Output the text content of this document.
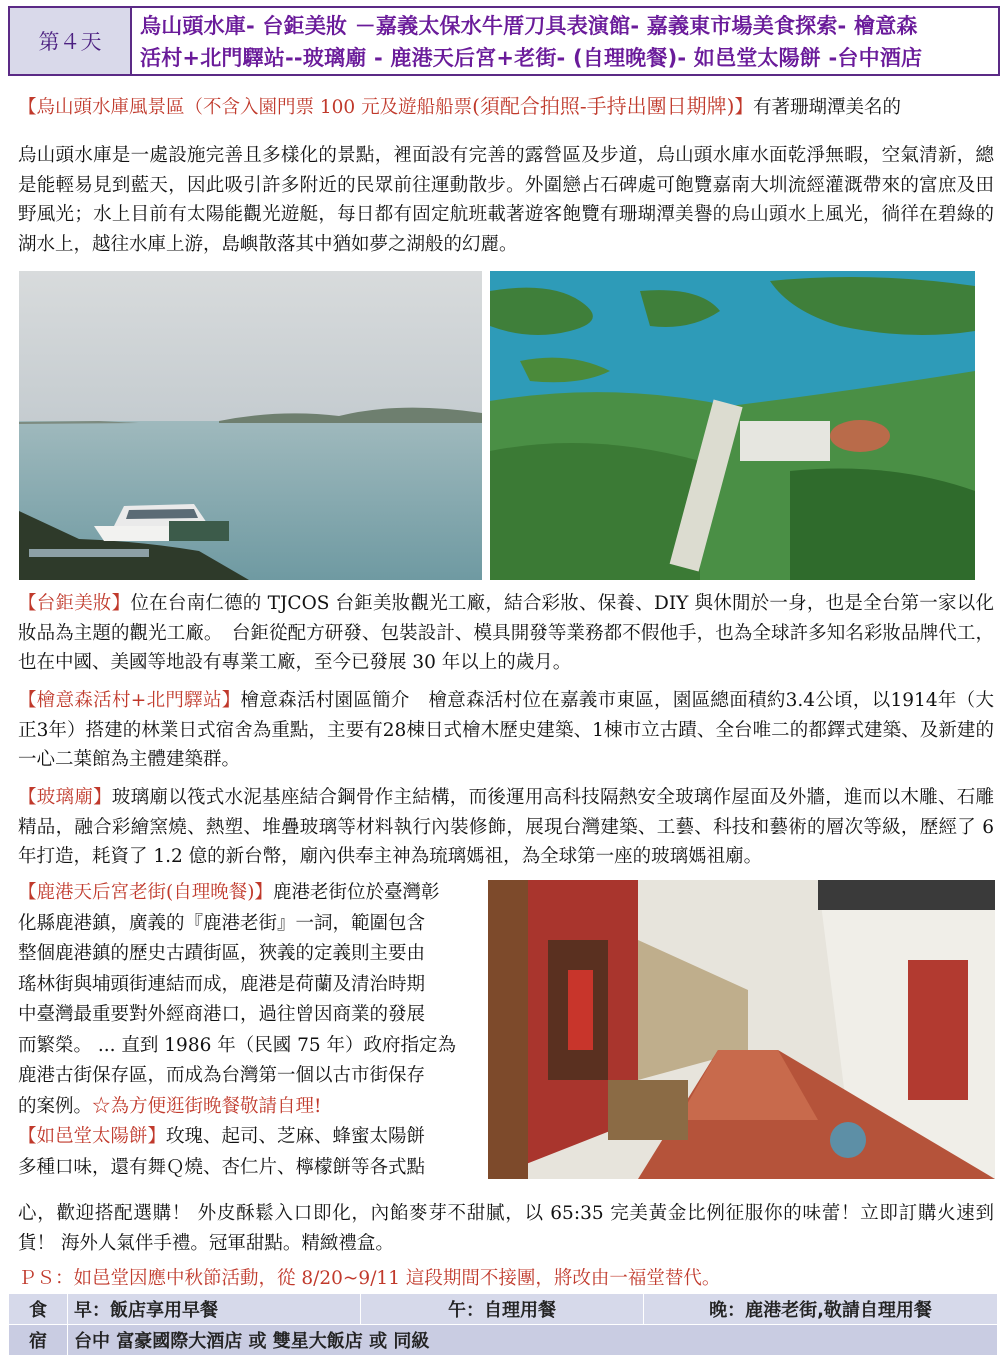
第４天
烏山頭水庫- 台鉅美妝 －嘉義太保水牛厝刀具表演館- 嘉義東市場美食探索- 檜意森
活村+北門驛站--玻璃廟 - 鹿港天后宮+老街- (自理晚餐)- 如邑堂太陽餅 -台中酒店
【烏山頭水庫風景區（不含入園門票 100 元及遊船船票(須配合拍照-手持出團日期牌)】有著珊瑚潭美名的
烏山頭水庫是一處設施完善且多樣化的景點，裡面設有完善的露營區及步道，烏山頭水庫水面乾淨無暇，空氣清新，總是能輕易見到藍天，因此吸引許多附近的民眾前往運動散步。外圍戀占石碑處可飽覽嘉南大圳流經灌溉帶來的富庶及田野風光；水上目前有太陽能觀光遊艇，每日都有固定航班載著遊客飽覽有珊瑚潭美譽的烏山頭水上風光，徜徉在碧綠的湖水上，越往水庫上游，島嶼散落其中猶如夢之湖般的幻麗。
【台鉅美妝】位在台南仁德的 TJCOS 台鉅美妝觀光工廠，結合彩妝、保養、DIY 與休閒於一身，也是全台第一家以化妝品為主題的觀光工廠。　台鉅從配方研發、包裝設計、模具開發等業務都不假他手，也為全球許多知名彩妝品牌代工，也在中國、美國等地設有專業工廠，至今已發展 30 年以上的歲月。
【檜意森活村+北門驛站】檜意森活村園區簡介　檜意森活村位在嘉義市東區，園區總面積約3.4公頃，以1914年（大正3年）搭建的林業日式宿舍為重點，主要有28棟日式檜木歷史建築、1棟市立古蹟、全台唯二的都鐸式建築、及新建的一心二葉館為主體建築群。
【玻璃廟】玻璃廟以筏式水泥基座結合鋼骨作主結構，而後運用高科技隔熱安全玻璃作屋面及外牆，進而以木雕、石雕精品，融合彩繪窯燒、熱塑、堆疊玻璃等材料執行內裝修飾，展現台灣建築、工藝、科技和藝術的層次等級，歷經了 6 年打造，耗資了 1.2 億的新台幣，廟內供奉主神為琉璃媽祖，為全球第一座的玻璃媽祖廟。
【鹿港天后宮老街(自理晚餐)】鹿港老街位於臺灣彰
化縣鹿港鎮，廣義的『鹿港老街』一詞，範圍包含
整個鹿港鎮的歷史古蹟街區，狹義的定義則主要由
瑤林街與埔頭街連結而成，鹿港是荷蘭及清治時期
中臺灣最重要對外經商港口，過往曾因商業的發展
而繁榮。 ... 直到 1986 年（民國 75 年）政府指定為
鹿港古街保存區，而成為台灣第一個以古市街保存
的案例。☆為方便逛街晚餐敬請自理!
【如邑堂太陽餅】玫瑰、起司、芝麻、蜂蜜太陽餅
多種口味，還有舞Ｑ燒、杏仁片、檸檬餅等各式點
心，歡迎搭配選購！ 外皮酥鬆入口即化，內餡麥芽不甜膩，以 65:35 完美黃金比例征服你的味蕾！立即訂購火速到貨！ 海外人氣伴手禮。冠軍甜點。精緻禮盒。
ＰＳ：如邑堂因應中秋節活動，從 8/20~9/11 這段期間不接團，將改由一福堂替代。
食	早：飯店享用早餐	午：自理用餐	晚：鹿港老街,敬請自理用餐
宿	台中 富豪國際大酒店 或 雙星大飯店 或 同級		
